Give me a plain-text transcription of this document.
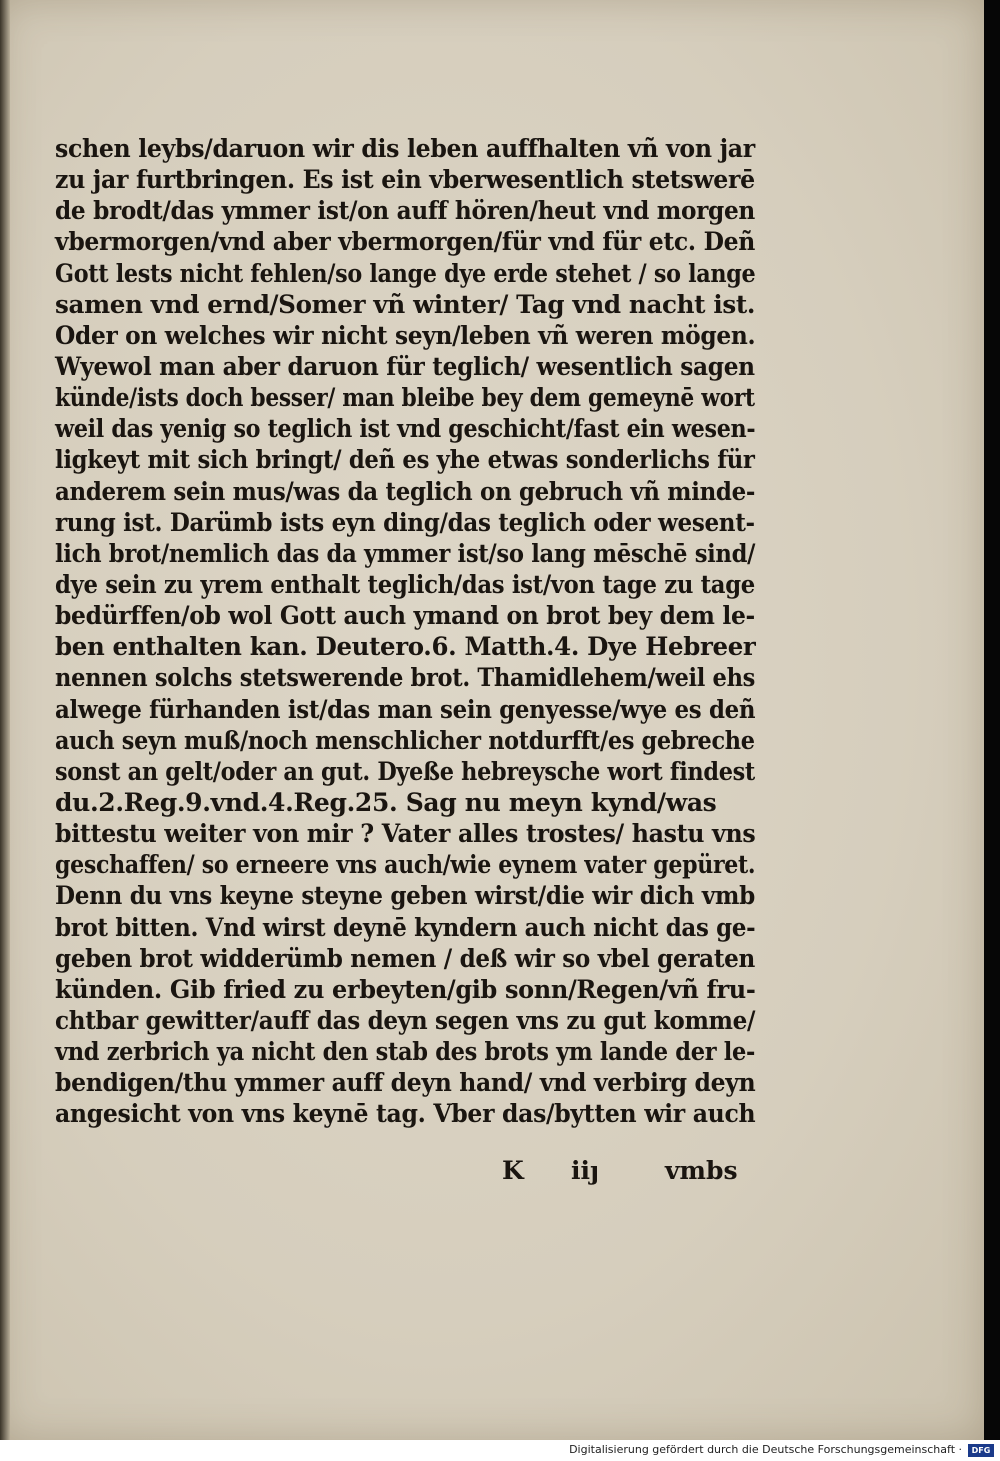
schen leybs/daruon wir dis leben auffhalten vñ von jar
zu jar furtbringen. Es ist ein vberwesentlich stetswerē
de brodt/das ymmer ist/on auff hören/heut vnd morgen
vbermorgen/vnd aber vbermorgen/für vnd für etc. Deñ
Gott lests nicht fehlen/so lange dye erde stehet / so lange
samen vnd ernd/Somer vñ winter/ Tag vnd nacht ist.
Oder on welches wir nicht seyn/leben vñ weren mögen.
Wyewol man aber daruon für teglich/ wesentlich sagen
künde/ists doch besser/ man bleibe bey dem gemeynē wort
weil das yenig so teglich ist vnd geschicht/fast ein wesen-
ligkeyt mit sich bringt/ deñ es yhe etwas sonderlichs für
anderem sein mus/was da teglich on gebruch vñ minde-
rung ist. Darümb ists eyn ding/das teglich oder wesent-
lich brot/nemlich das da ymmer ist/so lang mēschē sind/
dye sein zu yrem enthalt teglich/das ist/von tage zu tage
bedürffen/ob wol Gott auch ymand on brot bey dem le-
ben enthalten kan. Deutero.6. Matth.4. Dye Hebreer
nennen solchs stetswerende brot. Thamidlehem/weil ehs
alwege fürhanden ist/das man sein genyesse/wye es deñ
auch seyn muß/noch menschlicher notdurfft/es gebreche
sonst an gelt/oder an gut. Dyeße hebreysche wort findest
du.2.Reg.9.vnd.4.Reg.25. Sag nu meyn kynd/was
bittestu weiter von mir ? Vater alles trostes/ hastu vns
geschaffen/ so erneere vns auch/wie eynem vater gepüret.
Denn du vns keyne steyne geben wirst/die wir dich vmb
brot bitten. Vnd wirst deynē kyndern auch nicht das ge-
geben brot widderümb nemen / deß wir so vbel geraten
künden. Gib fried zu erbeyten/gib sonn/Regen/vñ fru-
chtbar gewitter/auff das deyn segen vns zu gut komme/
vnd zerbrich ya nicht den stab des brots ym lande der le-
bendigen/thu ymmer auff deyn hand/ vnd verbirg deyn
angesicht von vns keynē tag. Vber das/bytten wir auch
K iiȷ	vmbs
Digitalisierung gefördert durch die Deutsche Forschungsgemeinschaft ·	DFG
